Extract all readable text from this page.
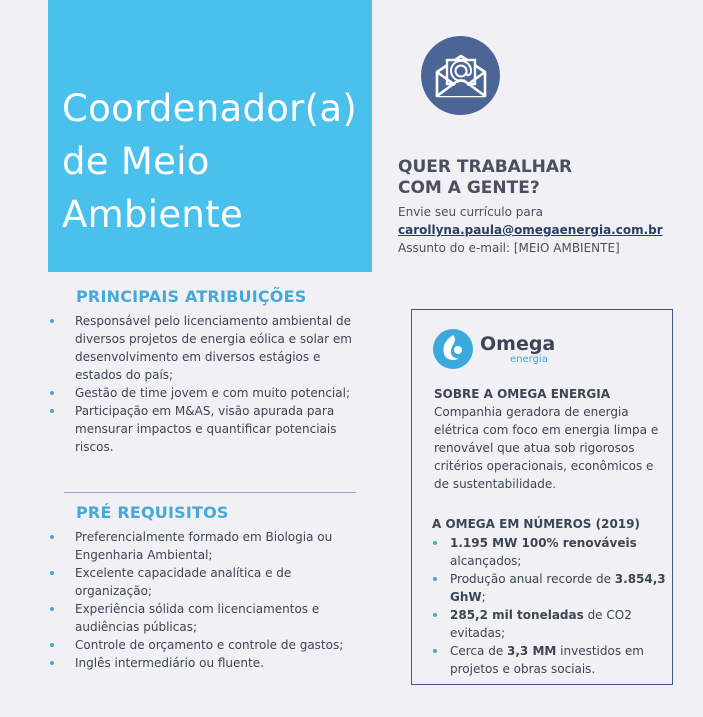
Coordenador(a)
de Meio
Ambiente
QUER TRABALHAR
COM A GENTE?
Envie seu currículo para
carollyna.paula@omegaenergia.com.br
Assunto do e-mail: [MEIO AMBIENTE]
PRINCIPAIS ATRIBUIÇÕES
Responsável pelo licenciamento ambiental de diversos projetos de energia eólica e solar em desenvolvimento em diversos estágios e estados do país;
Gestão de time jovem e com muito potencial;
Participação em M&AS, visão apurada para mensurar impactos e quantificar potenciais riscos.
PRÉ REQUISITOS
Preferencialmente formado em Biologia ou Engenharia Ambiental;
Excelente capacidade analítica e de organização;
Experiência sólida com licenciamentos e audiências públicas;
Controle de orçamento e controle de gastos;
Inglês intermediário ou fluente.
Omega
energia
SOBRE A OMEGA ENERGIA
Companhia geradora de energia elétrica com foco em energia limpa e renovável que atua sob rigorosos critérios operacionais, econômicos e de sustentabilidade.
A OMEGA EM NÚMEROS (2019)
1.195 MW 100% renováveis alcançados;
Produção anual recorde de 3.854,3 GhW;
285,2 mil toneladas de CO2 evitadas;
Cerca de 3,3 MM investidos em projetos e obras sociais.
